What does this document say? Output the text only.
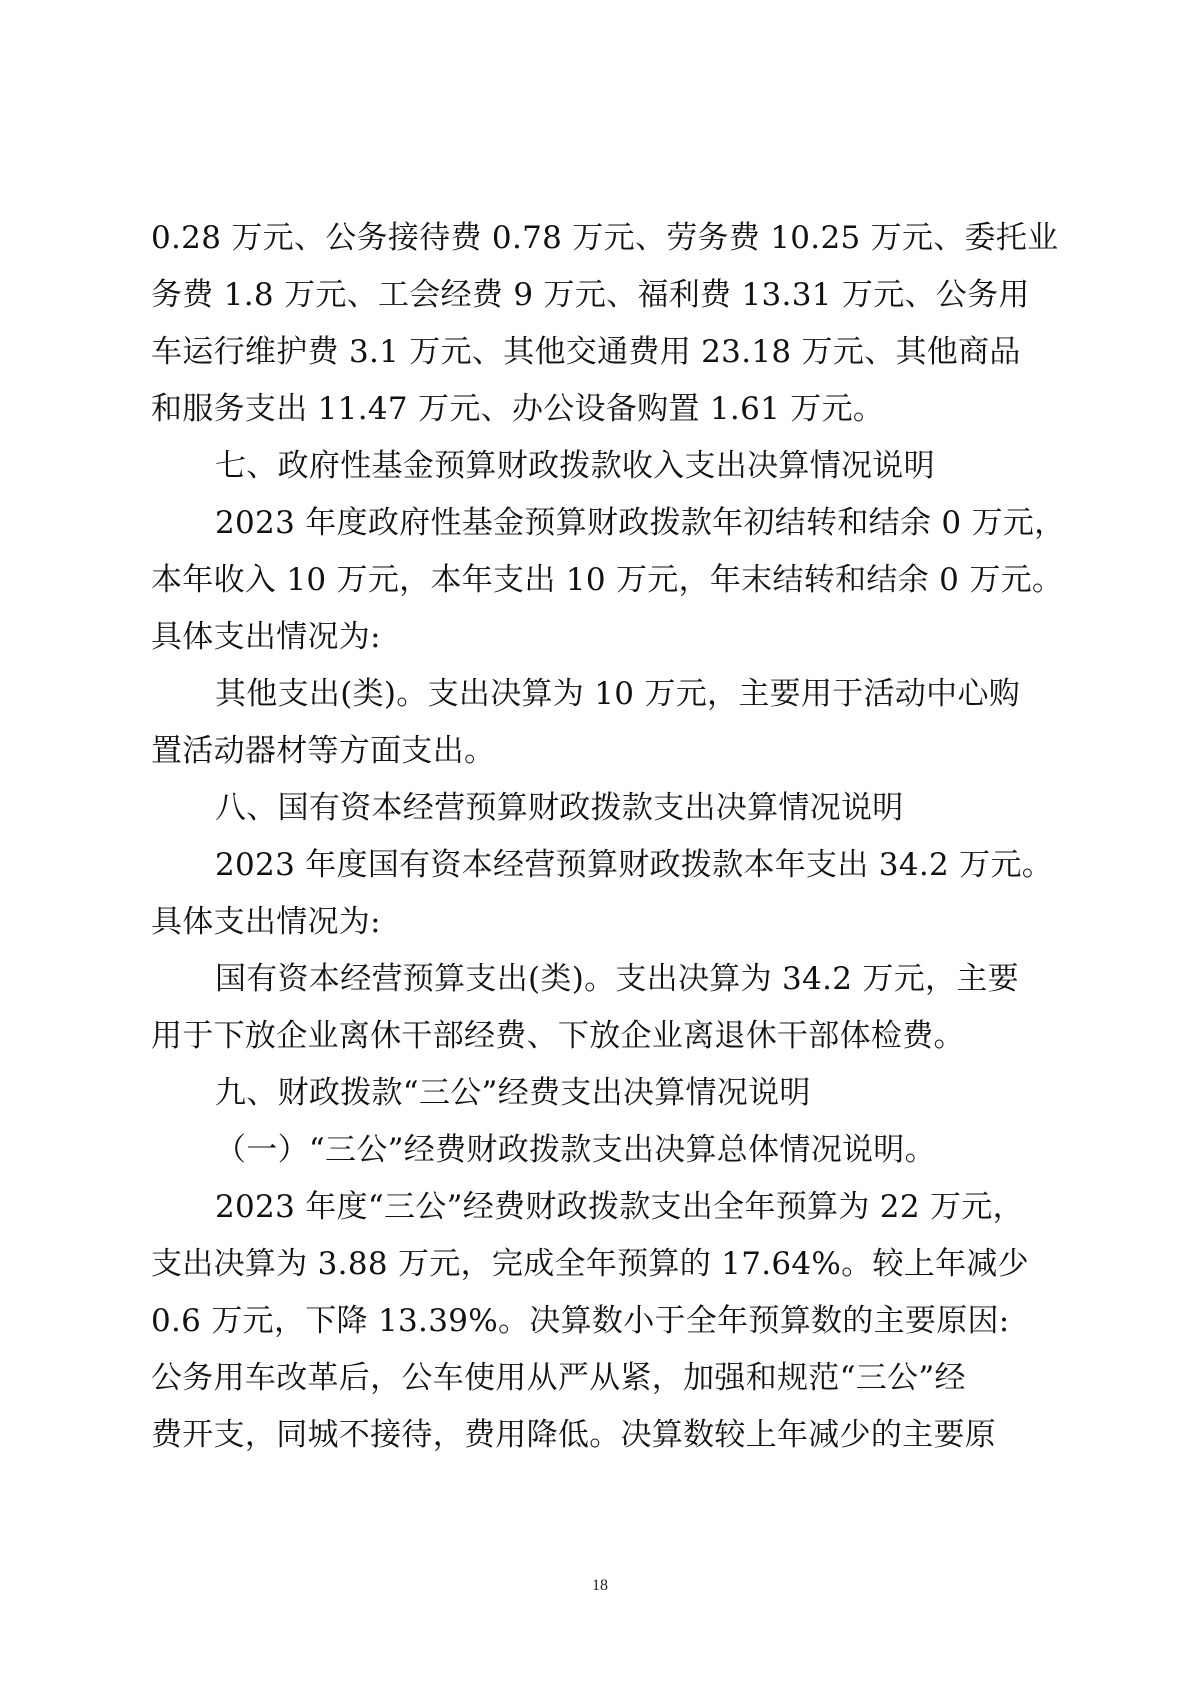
0.28 万元、公务接待费 0.78 万元、劳务费 10.25 万元、委托业
务费 1.8 万元、工会经费 9 万元、福利费 13.31 万元、公务用
车运行维护费 3.1 万元、其他交通费用 23.18 万元、其他商品
和服务支出 11.47 万元、办公设备购置 1.61 万元。
七、政府性基金预算财政拨款收入支出决算情况说明
2023 年度政府性基金预算财政拨款年初结转和结余 0 万元，
本年收入 10 万元，本年支出 10 万元，年末结转和结余 0 万元。
具体支出情况为:
其他支出(类)。支出决算为 10 万元，主要用于活动中心购
置活动器材等方面支出。
八、国有资本经营预算财政拨款支出决算情况说明
2023 年度国有资本经营预算财政拨款本年支出 34.2 万元。
具体支出情况为:
国有资本经营预算支出(类)。支出决算为 34.2 万元，主要
用于下放企业离休干部经费、下放企业离退休干部体检费。
九、财政拨款“三公”经费支出决算情况说明
（一）“三公”经费财政拨款支出决算总体情况说明。
2023 年度“三公”经费财政拨款支出全年预算为 22 万元，
支出决算为 3.88 万元，完成全年预算的 17.64%。较上年减少
0.6 万元，下降 13.39%。决算数小于全年预算数的主要原因:
公务用车改革后，公车使用从严从紧，加强和规范“三公”经
费开支，同城不接待，费用降低。决算数较上年减少的主要原
18
